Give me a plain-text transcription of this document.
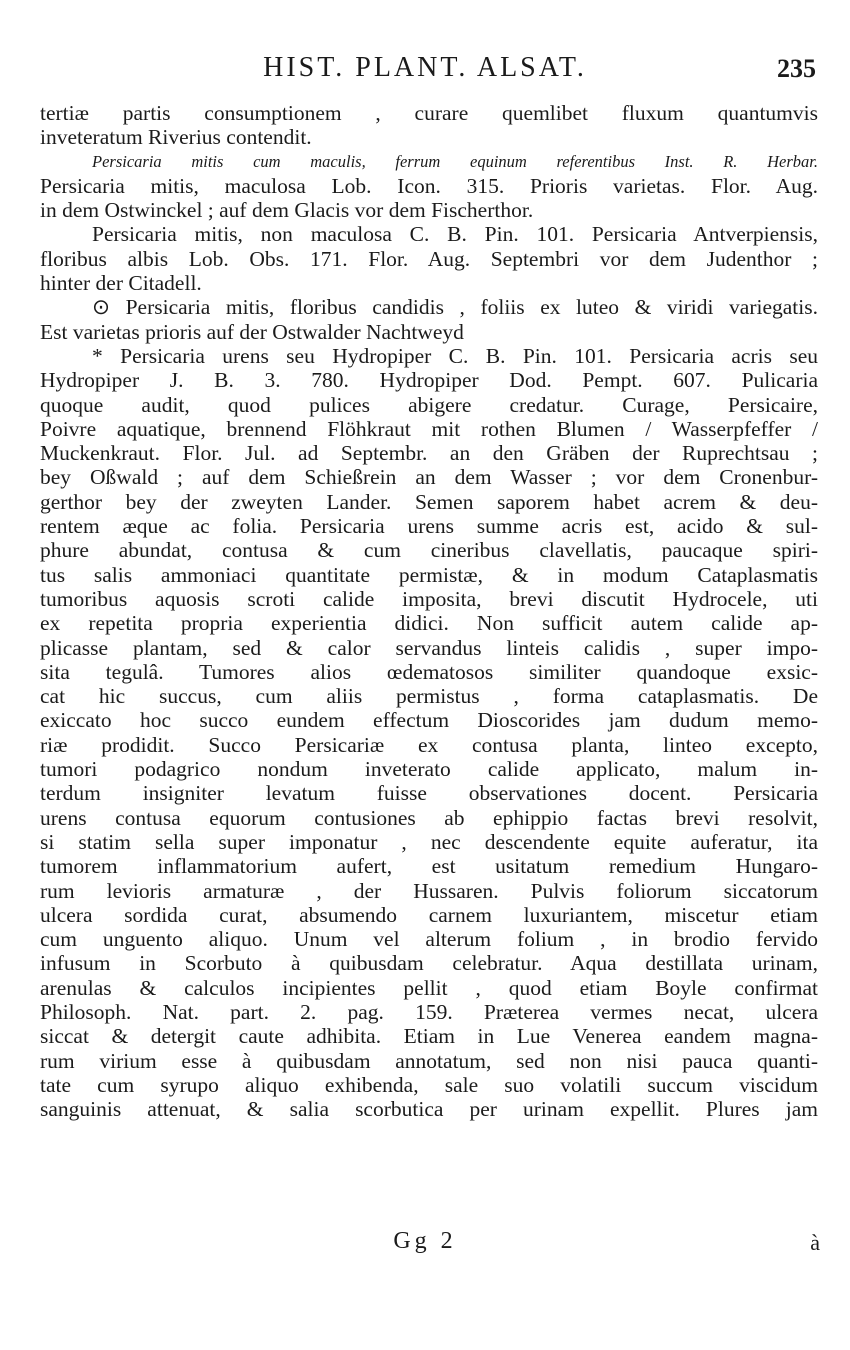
HIST. PLANT. ALSAT.	235
tertiæ partis consumptionem , curare quemlibet fluxum quantumvis
inveteratum Riverius contendit.
Persicaria mitis cum maculis, ferrum equinum referentibus Inst. R. Herbar.
Persicaria mitis, maculosa Lob. Icon. 315. Prioris varietas. Flor. Aug.
in dem Ostwinckel ; auf dem Glacis vor dem Fischerthor.
Persicaria mitis, non maculosa C. B. Pin. 101. Persicaria Antverpiensis,
floribus albis Lob. Obs. 171. Flor. Aug. Septembri vor dem Judenthor ;
hinter der Citadell.
⊙ Persicaria mitis, floribus candidis , foliis ex luteo & viridi variegatis.
Est varietas prioris auf der Ostwalder Nachtweyd
* Persicaria urens seu Hydropiper C. B. Pin. 101. Persicaria acris seu
Hydropiper J. B. 3. 780. Hydropiper Dod. Pempt. 607. Pulicaria
quoque audit, quod pulices abigere credatur. Curage, Persicaire,
Poivre aquatique, brennend Flöhkraut mit rothen Blumen / Wasserpfeffer /
Muckenkraut. Flor. Jul. ad Septembr. an den Gräben der Ruprechtsau ;
bey Oßwald ; auf dem Schießrein an dem Wasser ; vor dem Cronenbur-
gerthor bey der zweyten Lander. Semen saporem habet acrem & deu-
rentem æque ac folia. Persicaria urens summe acris est, acido & sul-
phure abundat, contusa & cum cineribus clavellatis, paucaque spiri-
tus salis ammoniaci quantitate permistæ, & in modum Cataplasmatis
tumoribus aquosis scroti calide imposita, brevi discutit Hydrocele, uti
ex repetita propria experientia didici. Non sufficit autem calide ap-
plicasse plantam, sed & calor servandus linteis calidis , super impo-
sita tegulâ. Tumores alios œdematosos similiter quandoque exsic-
cat hic succus, cum aliis permistus , forma cataplasmatis. De
exiccato hoc succo eundem effectum Dioscorides jam dudum memo-
riæ prodidit. Succo Persicariæ ex contusa planta, linteo excepto,
tumori podagrico nondum inveterato calide applicato, malum in-
terdum insigniter levatum fuisse observationes docent. Persicaria
urens contusa equorum contusiones ab ephippio factas brevi resolvit,
si statim sella super imponatur , nec descendente equite auferatur, ita
tumorem inflammatorium aufert, est usitatum remedium Hungaro-
rum levioris armaturæ , der Hussaren. Pulvis foliorum siccatorum
ulcera sordida curat, absumendo carnem luxuriantem, miscetur etiam
cum unguento aliquo. Unum vel alterum folium , in brodio fervido
infusum in Scorbuto à quibusdam celebratur. Aqua destillata urinam,
arenulas & calculos incipientes pellit , quod etiam Boyle confirmat
Philosoph. Nat. part. 2. pag. 159. Præterea vermes necat, ulcera
siccat & detergit caute adhibita. Etiam in Lue Venerea eandem magna-
rum virium esse à quibusdam annotatum, sed non nisi pauca quanti-
tate cum syrupo aliquo exhibenda, sale suo volatili succum viscidum
sanguinis attenuat, & salia scorbutica per urinam expellit. Plures jam
Gg 2	à
